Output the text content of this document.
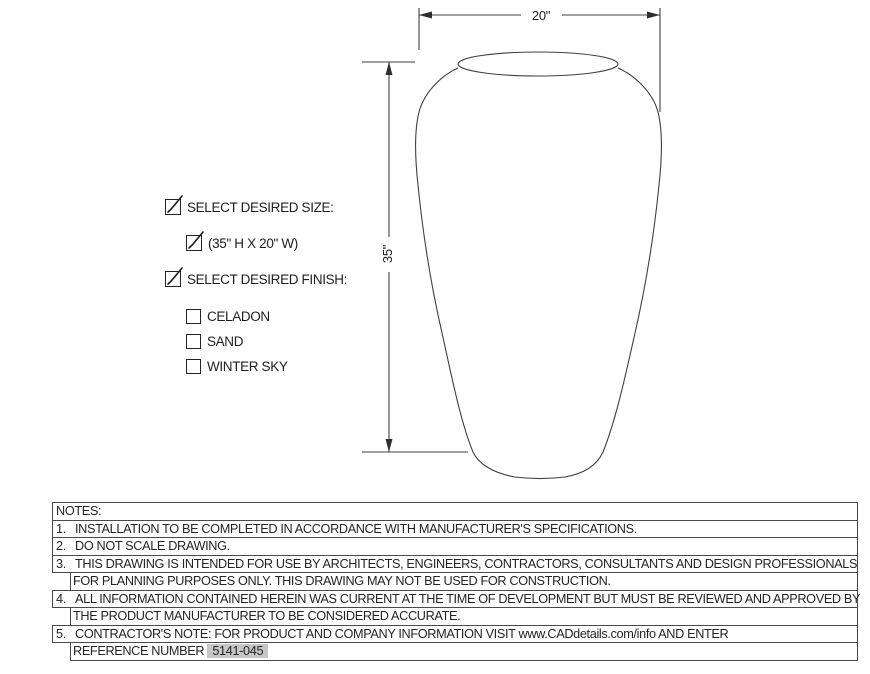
20"
35"
SELECT DESIRED SIZE:
(35" H X 20" W)
SELECT DESIRED FINISH:
CELADON
SAND
WINTER SKY
NOTES:
1. INSTALLATION TO BE COMPLETED IN ACCORDANCE WITH MANUFACTURER'S SPECIFICATIONS.
2. DO NOT SCALE DRAWING.
3. THIS DRAWING IS INTENDED FOR USE BY ARCHITECTS, ENGINEERS, CONTRACTORS, CONSULTANTS AND DESIGN PROFESSIONALS
FOR PLANNING PURPOSES ONLY. THIS DRAWING MAY NOT BE USED FOR CONSTRUCTION.
4. ALL INFORMATION CONTAINED HEREIN WAS CURRENT AT THE TIME OF DEVELOPMENT BUT MUST BE REVIEWED AND APPROVED BY
THE PRODUCT MANUFACTURER TO BE CONSIDERED ACCURATE.
5. CONTRACTOR'S NOTE: FOR PRODUCT AND COMPANY INFORMATION VISIT www.CADdetails.com/info AND ENTER
REFERENCE NUMBER 5141-045
